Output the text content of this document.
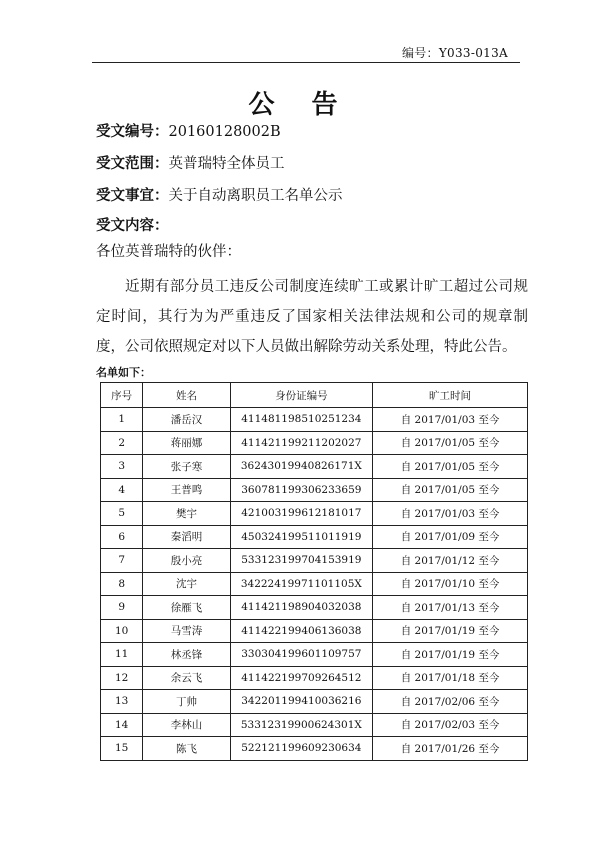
编号：Y033-013A
公 告
受文编号：20160128002B
受文范围：英普瑞特全体员工
受文事宜：关于自动离职员工名单公示
受文内容：
各位英普瑞特的伙伴：
近期有部分员工违反公司制度连续旷工或累计旷工超过公司规定时间，其行为为严重违反了国家相关法律法规和公司的规章制度，公司依照规定对以下人员做出解除劳动关系处理，特此公告。
名单如下：
序号	姓名	身份证编号	旷工时间
1	潘岳汉	411481198510251234	自 2017/01/03 至今
2	蒋丽娜	411421199211202027	自 2017/01/05 至今
3	张子寒	36243019940826171X	自 2017/01/05 至今
4	王普鸣	360781199306233659	自 2017/01/05 至今
5	樊宇	421003199612181017	自 2017/01/03 至今
6	秦滔明	450324199511011919	自 2017/01/09 至今
7	殷小亮	533123199704153919	自 2017/01/12 至今
8	沈宇	34222419971101105X	自 2017/01/10 至今
9	徐雁飞	411421198904032038	自 2017/01/13 至今
10	马雪涛	411422199406136038	自 2017/01/19 至今
11	林丞锋	330304199601109757	自 2017/01/19 至今
12	余云飞	411422199709264512	自 2017/01/18 至今
13	丁帅	342201199410036216	自 2017/02/06 至今
14	李林山	53312319900624301X	自 2017/02/03 至今
15	陈飞	522121199609230634	自 2017/01/26 至今
